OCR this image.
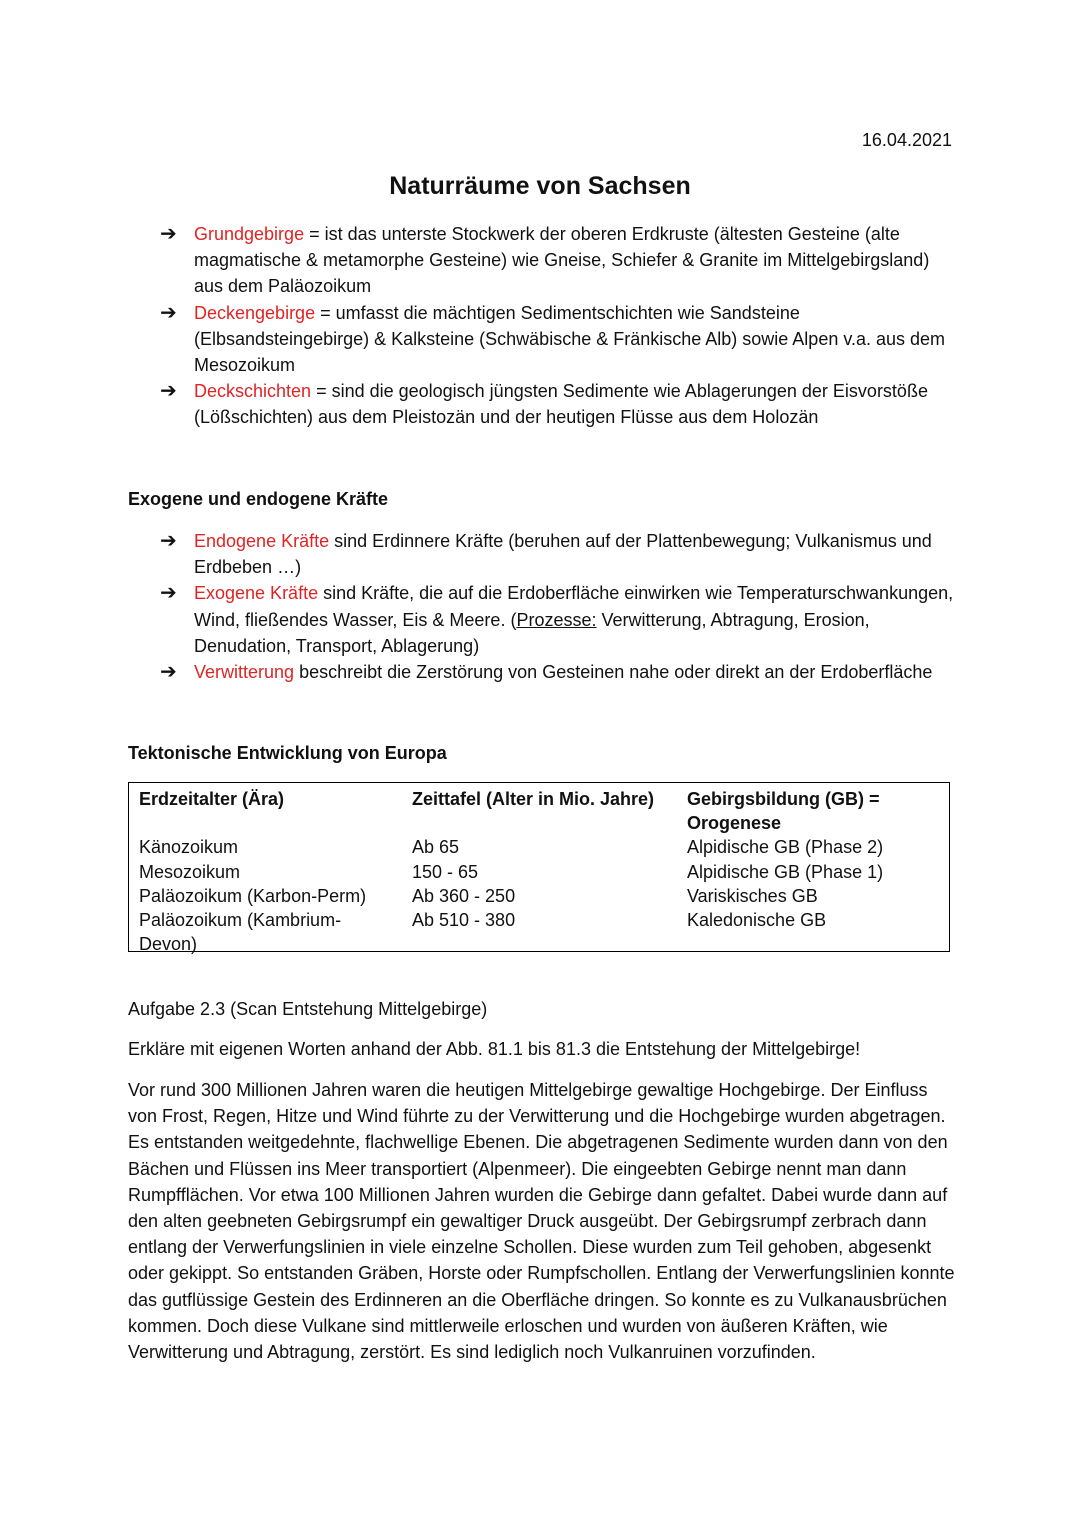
16.04.2021
Naturräume von Sachsen
➔ Grundgebirge = ist das unterste Stockwerk der oberen Erdkruste (ältesten Gesteine (alte magmatische & metamorphe Gesteine) wie Gneise, Schiefer & Granite im Mittelgebirgsland) aus dem Paläozoikum
➔ Deckengebirge = umfasst die mächtigen Sedimentschichten wie Sandsteine (Elbsandsteingebirge) & Kalksteine (Schwäbische & Fränkische Alb) sowie Alpen v.a. aus dem Mesozoikum
➔ Deckschichten = sind die geologisch jüngsten Sedimente wie Ablagerungen der Eisvorstöße (Lößschichten) aus dem Pleistozän und der heutigen Flüsse aus dem Holozän
Exogene und endogene Kräfte
➔ Endogene Kräfte sind Erdinnere Kräfte (beruhen auf der Plattenbewegung; Vulkanismus und Erdbeben …)
➔ Exogene Kräfte sind Kräfte, die auf die Erdoberfläche einwirken wie Temperaturschwankungen, Wind, fließendes Wasser, Eis & Meere. (Prozesse: Verwitterung, Abtragung, Erosion, Denudation, Transport, Ablagerung)
➔ Verwitterung beschreibt die Zerstörung von Gesteinen nahe oder direkt an der Erdoberfläche
Tektonische Entwicklung von Europa
Erdzeitalter (Ära)
Känozoikum
Mesozoikum
Paläozoikum (Karbon-Perm)
Paläozoikum (Kambrium-Devon)
Zeittafel (Alter in Mio. Jahre)
Ab 65
150 - 65
Ab 360 - 250
Ab 510 - 380
Gebirgsbildung (GB) = Orogenese
Alpidische GB (Phase 2)
Alpidische GB (Phase 1)
Variskisches GB
Kaledonische GB
Aufgabe 2.3 (Scan Entstehung Mittelgebirge)
Erkläre mit eigenen Worten anhand der Abb. 81.1 bis 81.3 die Entstehung der Mittelgebirge!
Vor rund 300 Millionen Jahren waren die heutigen Mittelgebirge gewaltige Hochgebirge. Der Einfluss von Frost, Regen, Hitze und Wind führte zu der Verwitterung und die Hochgebirge wurden abgetragen. Es entstanden weitgedehnte, flachwellige Ebenen. Die abgetragenen Sedimente wurden dann von den Bächen und Flüssen ins Meer transportiert (Alpenmeer). Die eingeebten Gebirge nennt man dann Rumpfflächen. Vor etwa 100 Millionen Jahren wurden die Gebirge dann gefaltet. Dabei wurde dann auf den alten geebneten Gebirgsrumpf ein gewaltiger Druck ausgeübt. Der Gebirgsrumpf zerbrach dann entlang der Verwerfungslinien in viele einzelne Schollen. Diese wurden zum Teil gehoben, abgesenkt oder gekippt. So entstanden Gräben, Horste oder Rumpfschollen. Entlang der Verwerfungslinien konnte das gutflüssige Gestein des Erdinneren an die Oberfläche dringen. So konnte es zu Vulkanausbrüchen kommen. Doch diese Vulkane sind mittlerweile erloschen und wurden von äußeren Kräften, wie Verwitterung und Abtragung, zerstört. Es sind lediglich noch Vulkanruinen vorzufinden.
